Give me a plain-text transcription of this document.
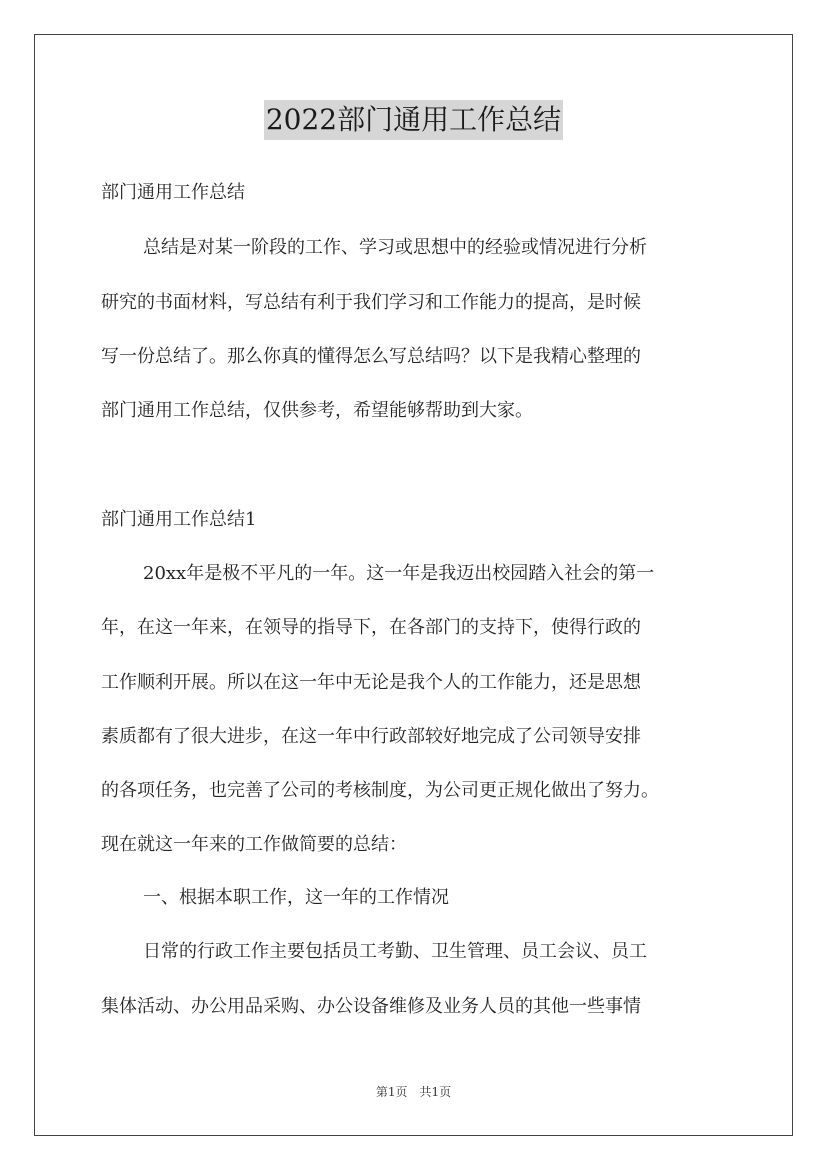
2022部门通用工作总结
部门通用工作总结
总结是对某一阶段的工作、学习或思想中的经验或情况进行分析
研究的书面材料，写总结有利于我们学习和工作能力的提高，是时候
写一份总结了。那么你真的懂得怎么写总结吗？以下是我精心整理的
部门通用工作总结，仅供参考，希望能够帮助到大家。
部门通用工作总结1
20xx年是极不平凡的一年。这一年是我迈出校园踏入社会的第一
年，在这一年来，在领导的指导下，在各部门的支持下，使得行政的
工作顺利开展。所以在这一年中无论是我个人的工作能力，还是思想
素质都有了很大进步，在这一年中行政部较好地完成了公司领导安排
的各项任务，也完善了公司的考核制度，为公司更正规化做出了努力。
现在就这一年来的工作做简要的总结：
一、根据本职工作，这一年的工作情况
日常的行政工作主要包括员工考勤、卫生管理、员工会议、员工
集体活动、办公用品采购、办公设备维修及业务人员的其他一些事情
第1页　共1页
